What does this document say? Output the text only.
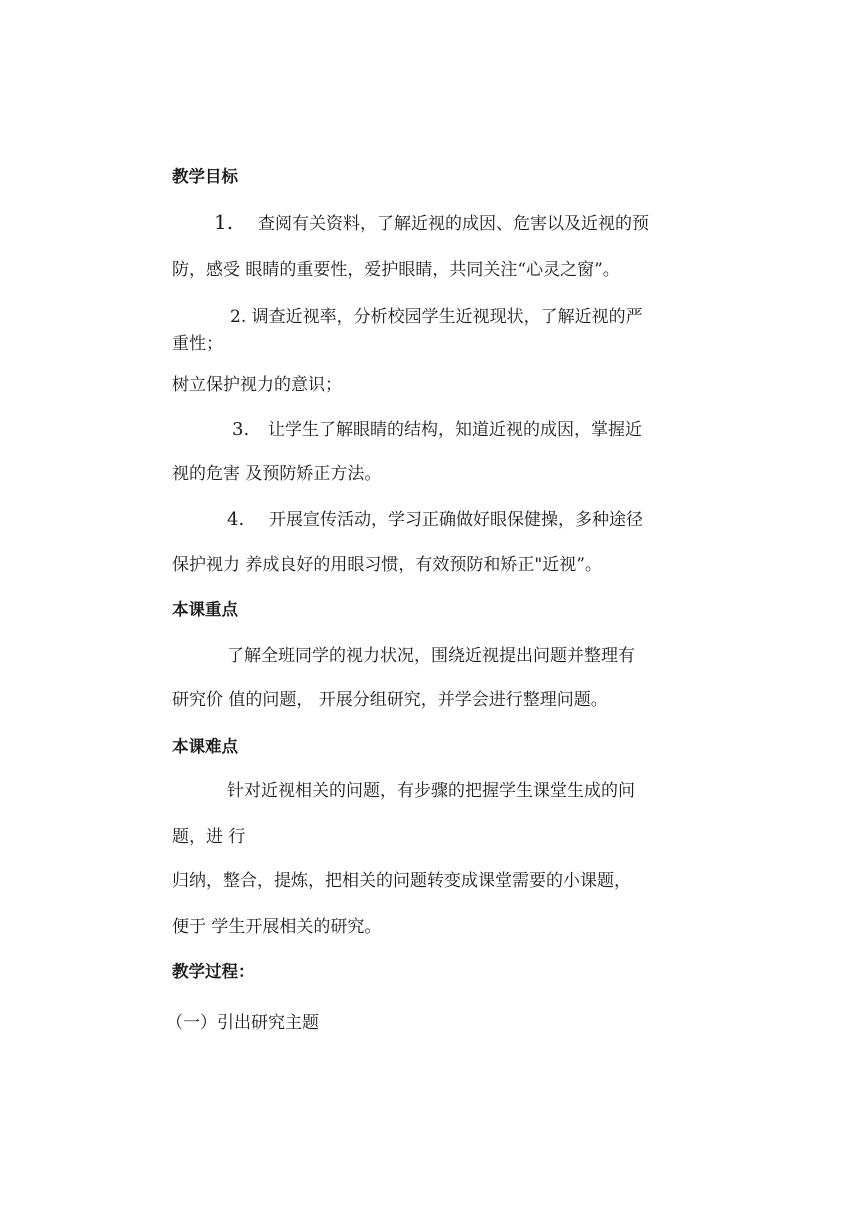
教学目标
1. 查阅有关资料，了解近视的成因、危害以及近视的预
防，感受 眼睛的重要性，爱护眼睛，共同关注“心灵之窗”。
2. 调查近视率，分析校园学生近视现状，了解近视的严
重性；
树立保护视力的意识；
3. 让学生了解眼睛的结构，知道近视的成因，掌握近
视的危害 及预防矫正方法。
4. 开展宣传活动，学习正确做好眼保健操，多种途径
保护视力 养成良好的用眼习惯，有效预防和矫正"近视”。
本课重点
了解全班同学的视力状况，围绕近视提出问题并整理有
研究价 值的问题， 开展分组研究，并学会进行整理问题。
本课难点
针对近视相关的问题，有步骤的把握学生课堂生成的问
题，进 行
归纳，整合，提炼，把相关的问题转变成课堂需要的小课题，
便于 学生开展相关的研究。
教学过程：
（一）引出研究主题
